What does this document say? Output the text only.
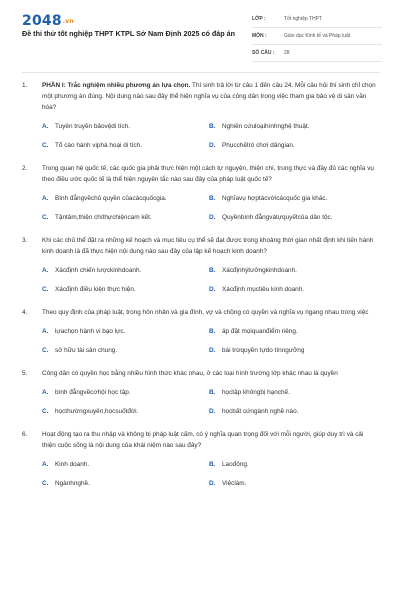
2048.vn
Đề thi thử tốt nghiệp THPT KTPL Sở Nam Định 2025 có đáp án
LỚP :	Tốt nghiệp THPT
MÔN :	Giáo dục Kinh tế và Pháp luật
SỐ CÂU :	28
1. PHẦN I: Trắc nghiệm nhiều phương án lựa chọn. Thí sinh trả lời từ câu 1 đến câu 24. Mỗi câu hỏi thí sinh chỉ chọn một phương án đúng. Nội dung nào sau đây thể hiện nghĩa vụ của công dân trong việc tham gia bảo vệ di sản văn hóa?
A.	Tuyên truyền bảovệdi tích.	B.	Nghiên cứuloạihìnhnghệ thuật.
C.	Tổ cáo hành viphá hoại di tích.	D.	Phụcchếtrò chơi dângian.
2. Trong quan hệ quốc tế, các quốc gia phải thực hiện một cách tự nguyện, thiện chí, trung thực và đầy đủ các nghĩa vụ theo điều ước quốc tế là thể hiện nguyên tắc nào sau đây của pháp luật quốc tế?
A.	Bình đẳngvềchủ quyền củacácquốcgia.	B.	Nghĩavụ hợptácvớicácquốc gia khác.
C.	Tậntâm,thiện chíthựchiệncam kết.	D.	Quyềnbình đẳngvàtựquyếtcủa dân tộc.
3. Khi các chủ thể đặt ra những kế hoạch và mục tiêu cụ thể sẽ đạt được trong khoảng thời gian nhất định khi tiến hành kinh doanh là đã thực hiện nội dung nào sau đây của lập kế hoạch kinh doanh?
A.	Xácđịnh chiến lượckinhdoanh.	B.	Xácđịnhýtưởngkinhdoanh.
C.	Xácđịnh điều kiện thực hiện.	D.	Xácđịnh mụctiêu kinh doanh.
4. Theo quy định của pháp luật, trong hôn nhân và gia đình, vợ và chồng có quyền và nghĩa vụ ngang nhau trong việc
A.	lựachọn hành vi bạo lực.	B.	áp đặt mọiquanđiểm riêng.
C.	sở hữu tài sản chung.	D.	bài trừquyền tựdo tínngưỡng
5. Công dân có quyền học bằng nhiều hình thức khác nhau, ở các loại hình trường lớp khác nhau là quyền
A.	bình đẳngvềcơhội học tập.	B.	họctập khôngbị hạnchế.
C.	họcthườngxuyên,họcsuốtđời.	D.	họcbất cứngành nghề nào.
6. Hoạt động tạo ra thu nhập và không bị pháp luật cấm, có ý nghĩa quan trọng đối với mỗi người, giúp duy trì và cải thiện cuộc sống là nội dung của khái niệm nào sau đây?
A.	Kinh doanh.	B.	Laođộng.
C.	Ngànhnghề.	D.	Việclàm.
